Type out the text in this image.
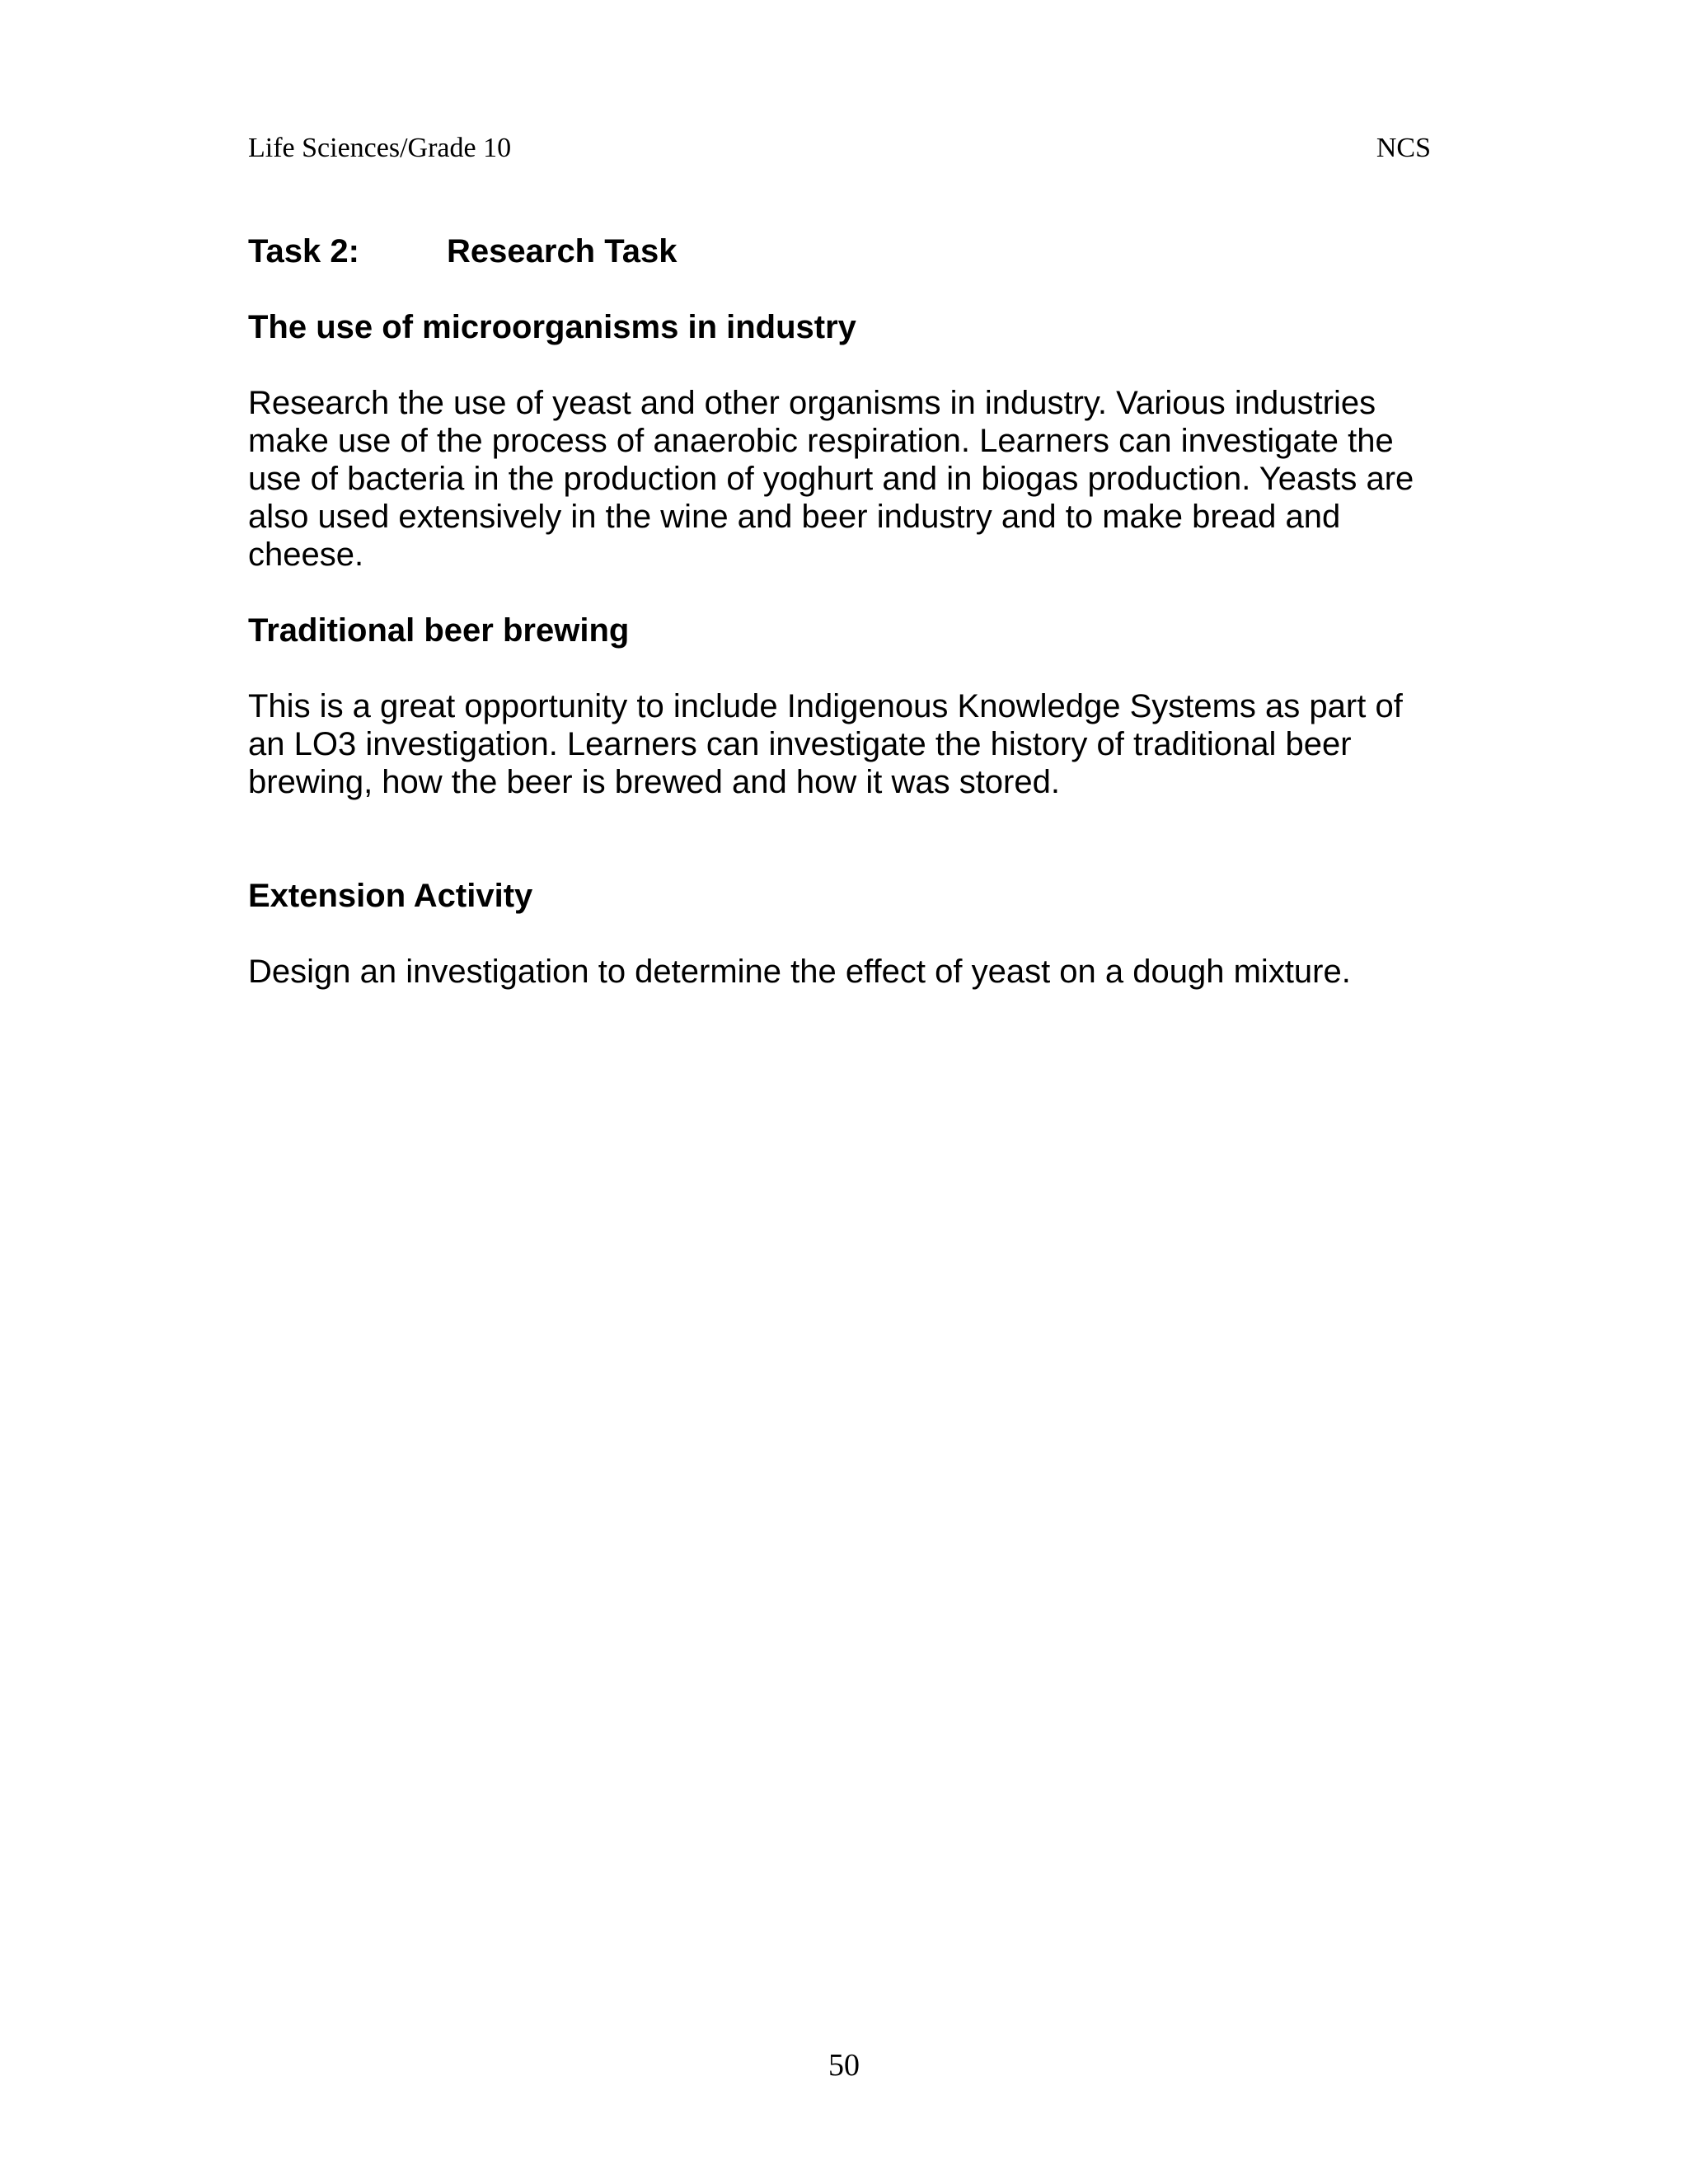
Life Sciences/Grade 10	NCS
Task 2:	Research Task
The use of microorganisms in industry
Research the use of yeast and other organisms in industry. Various industries
make use of the process of anaerobic respiration. Learners can investigate the
use of bacteria in the production of yoghurt and in biogas production. Yeasts are
also used extensively in the wine and beer industry and to make bread and
cheese.
Traditional beer brewing
This is a great opportunity to include Indigenous Knowledge Systems as part of
an LO3 investigation. Learners can investigate the history of traditional beer
brewing, how the beer is brewed and how it was stored.
Extension Activity
Design an investigation to determine the effect of yeast on a dough mixture.
50
